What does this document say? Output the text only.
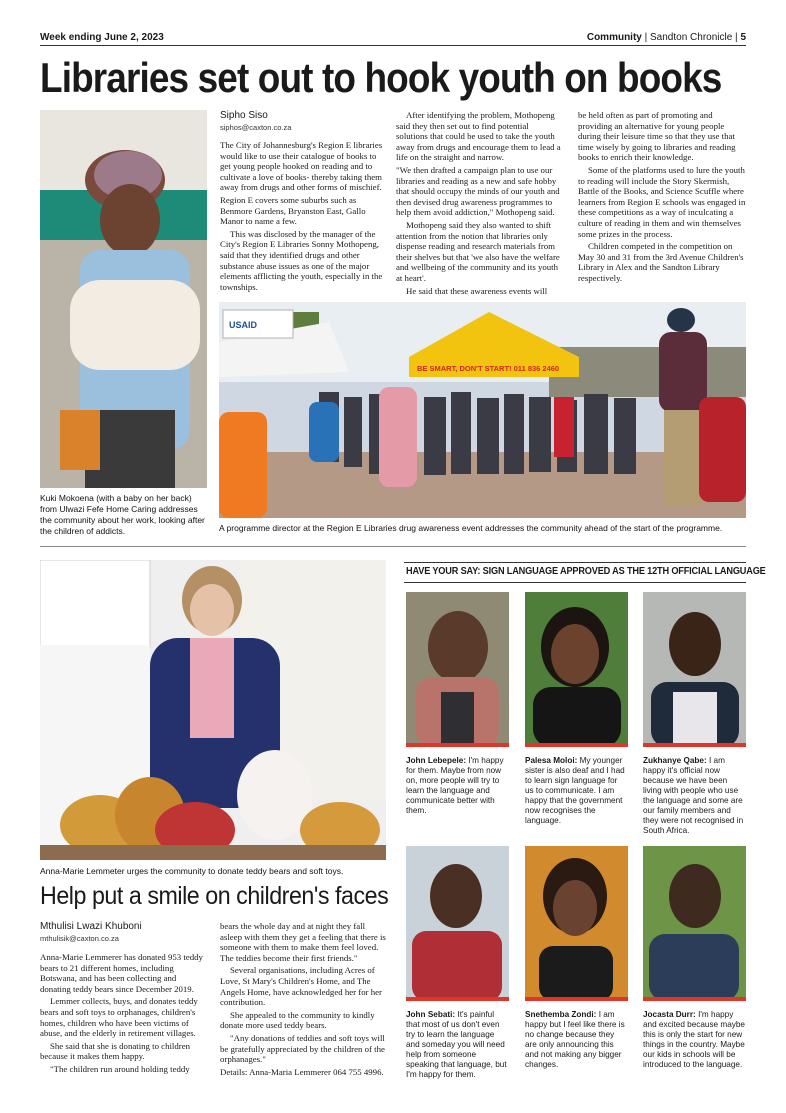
Week ending June 2, 2023	Community | Sandton Chronicle | 5
Libraries set out to hook youth on books
Kuki Mokoena (with a baby on her back) from Ulwazi Fefe Home Caring addresses the community about her work, looking after the children of addicts.
Sipho Siso
siphos@caxton.co.za

The City of Johannesburg's Region E libraries would like to use their catalogue of books to get young people hooked on reading and to cultivate a love of books- thereby taking them away from drugs and other forms of mischief.

Region E covers some suburbs such as Benmore Gardens, Bryanston East, Gallo Manor to name a few.

This was disclosed by the manager of the City's Region E Libraries Sonny Mothopeng, said that they identified drugs and other substance abuse issues as one of the major elements afflicting the youth, especially in the townships.

After identifying the problem, Mothopeng said they then set out to find potential solutions that could be used to take the youth away from drugs and encourage them to lead a life on the straight and narrow.

"We then drafted a campaign plan to use our libraries and reading as a new and safe hobby that should occupy the minds of our youth and then devised drug awareness programmes to help them avoid addiction," Mothopeng said.

Mothopeng said they also wanted to shift attention from the notion that libraries only dispense reading and research materials from their shelves but that 'we also have the welfare and wellbeing of the community and its youth at heart'.

He said that these awareness events will

be held often as part of promoting and providing an alternative for young people during their leisure time so that they use that time wisely by going to libraries and reading books to enrich their knowledge.

Some of the platforms used to lure the youth to reading will include the Story Skermish, Battle of the Books, and Science Scuffle where learners from Region E schools was engaged in these competitions as a way of inculcating a culture of reading in them and win themselves some prizes in the process.

Children competed in the competition on May 30 and 31 from the 3rd Avenue Children's Library in Alex and the Sandton Library respectively.

USAID
BE SMART, DON'T START! 011 836 2460
A programme director at the Region E Libraries drug awareness event addresses the community ahead of the start of the programme.
Anna-Marie Lemmeter urges the community to donate teddy bears and soft toys.
Help put a smile on children's faces
Mthulisi Lwazi Khuboni
mthulisik@caxton.co.za

Anna-Marie Lemmerer has donated 953 teddy bears to 21 different homes, including Botswana, and has been collecting and donating teddy bears since December 2019.

Lemmer collects, buys, and donates teddy bears and soft toys to orphanages, children's homes, children who have been victims of abuse, and the elderly in retirement villages.

She said that she is donating to children because it makes them happy.

"The children run around holding teddy

bears the whole day and at night they fall asleep with them they get a feeling that there is someone with them to make them feel loved. The teddies become their first friends."

Several organisations, including Acres of Love, St Mary's Children's Home, and The Angels Home, have acknowledged her for her contribution.

She appealed to the community to kindly donate more used teddy bears.

"Any donations of teddies and soft toys will be gratefully appreciated by the children of the orphanages."

Details: Anna-Maria Lemmerer 064 755 4996.

HAVE YOUR SAY: SIGN LANGUAGE APPROVED AS THE 12TH OFFICIAL LANGUAGE
John Lebepele: I'm happy for them. Maybe from now on, more people will try to learn the language and communicate better with them.
Palesa Moloi: My younger sister is also deaf and I had to learn sign language for us to communicate. I am happy that the government now recognises the language.
Zukhanye Qabe: I am happy it's official now because we have been living with people who use the language and some are our family members and they were not recognised in South Africa.
John Sebati: It's painful that most of us don't even try to learn the language and someday you will need help from someone speaking that language, but I'm happy for them.
Snethemba Zondi: I am happy but I feel like there is no change because they are only announcing this and not making any bigger changes.
Jocasta Durr: I'm happy and excited because maybe this is only the start for new things in the country. Maybe our kids in schools will be introduced to the language.
